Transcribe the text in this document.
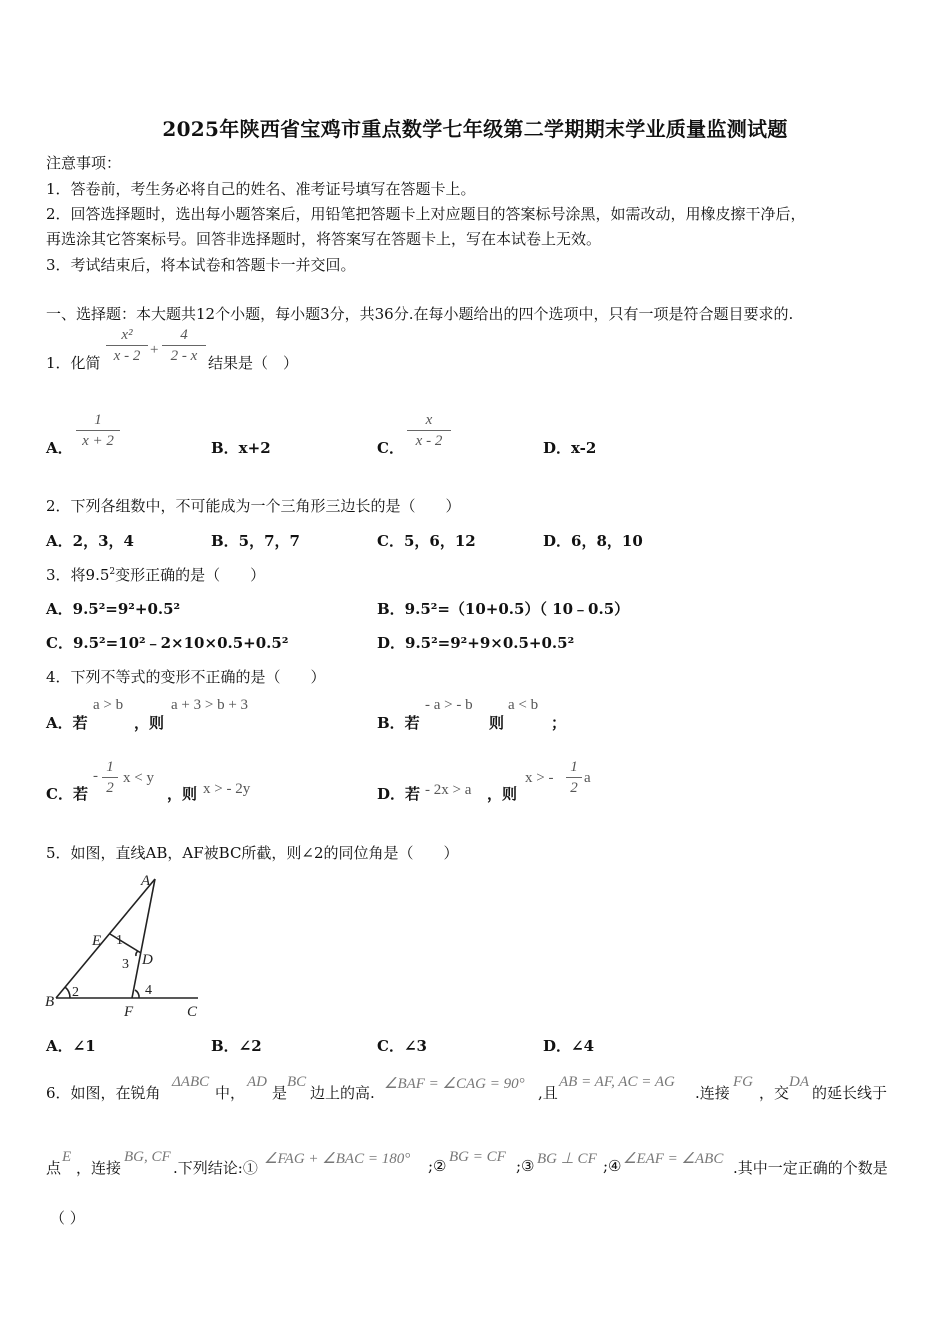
2025年陕西省宝鸡市重点数学七年级第二学期期末学业质量监测试题
注意事项：
1．答卷前，考生务必将自己的姓名、准考证号填写在答题卡上。
2．回答选择题时，选出每小题答案后，用铅笔把答题卡上对应题目的答案标号涂黑，如需改动，用橡皮擦干净后，
再选涂其它答案标号。回答非选择题时，将答案写在答题卡上，写在本试卷上无效。
3．考试结束后，将本试卷和答题卡一并交回。
一、选择题：本大题共12个小题，每小题3分，共36分.在每小题给出的四个选项中，只有一项是符合题目要求的.
1．化简
x²
x - 2 +
4
2 - x 结果是（　）
A．
1
x + 2	B．x+2	C．
x
x - 2	D．x-2
2．下列各组数中，不可能成为一个三角形三边长的是（　　）
A．2，3，4	B．5，7，7	C．5，6，12	D．6，8，10
3．将$9.5^2$变形正确的是（　　）
A．9.5²=9²+0.5²	B．9.5²=（10+0.5）（ 10﹣0.5）
C．9.5²=10²﹣2×10×0.5+0.5²	D．9.5²=9²+9×0.5+0.5²
4．下列不等式的变形不正确的是（　　）
A．若
a > b
，则
a + 3 > b + 3
B．若
- a > - b
则
a < b
；
C．若
-
1
2
x < y
，则 x > - 2y	D．若 - 2x > a ，则
x > -
1
2
a
5．如图，直线AB，AF被BC所截，则∠2的同位角是（　　）
A
E
D
B
F	C
1
2
3
4
A．∠1	B．∠2	C．∠3	D．∠4
6．如图，在锐角
ΔABC
中，
AD
是
BC
边上的高. ∠BAF = ∠CAG = 90° ,且
AB = AF, AC = AG
.连接
FG
，交
DA
的延长线于
点
E
，连接
BG, CF
.下列结论:① ∠FAG + ∠BAC = 180° ;② BG = CF ;③ BG ⊥ CF ;④ ∠EAF = ∠ABC .其中一定正确的个数是
（ ）
